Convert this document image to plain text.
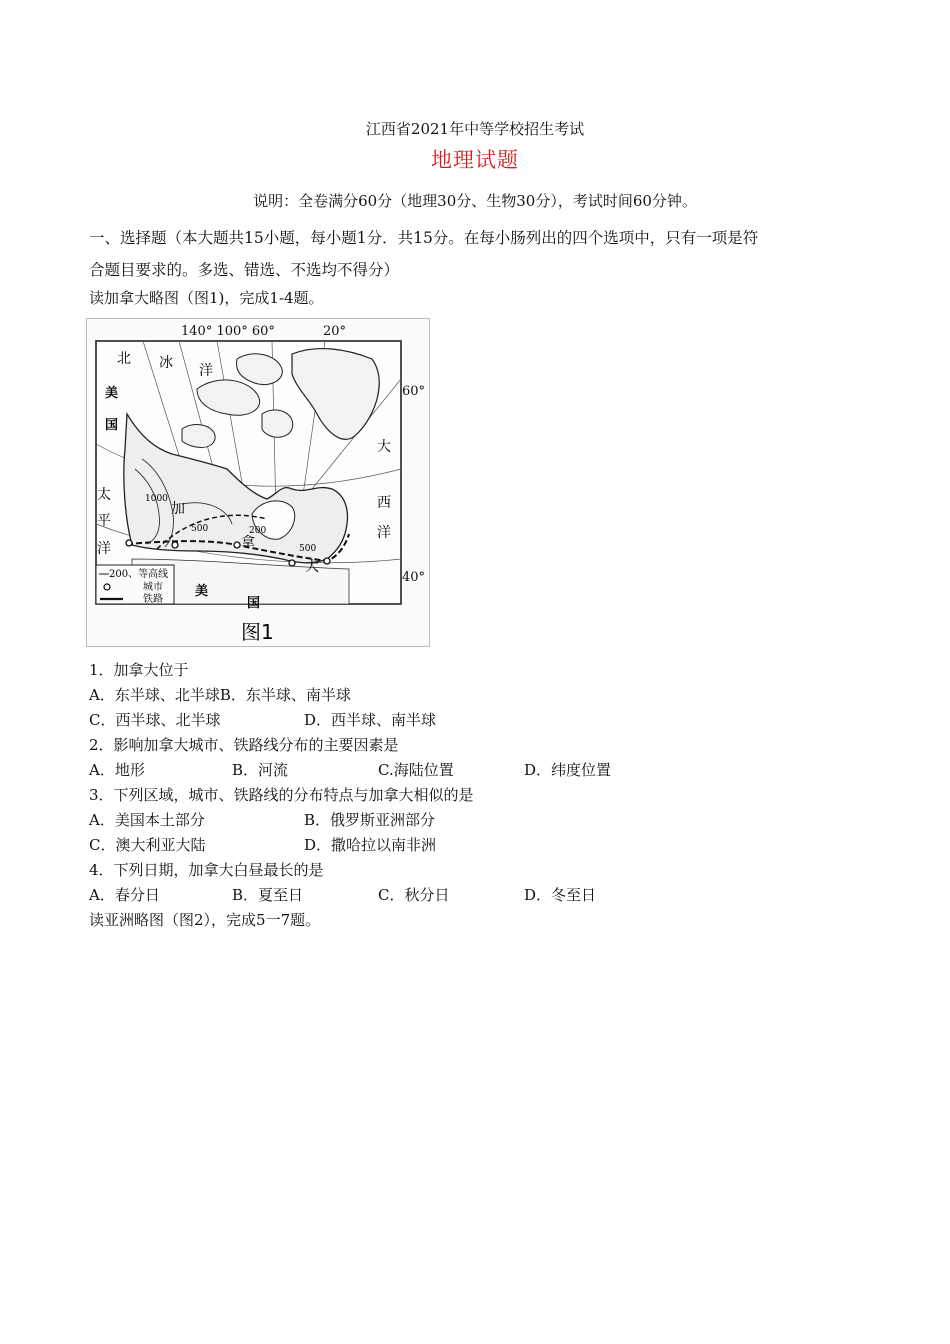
江西省2021年中等学校招生考试
地理试题
说明：全卷满分60分（地理30分、生物30分），考试时间60分钟。
一、选择题（本大题共15小题，每小题1分．共15分。在每小肠列出的四个选项中，只有一项是符
合题目要求的。多选、错选、不选均不得分）
读加拿大略图（图1)，完成1-4题。
140° 100° 60°	20°
60°
40°
北 冰 洋
大
西
洋
太
平
洋
美
国
美
国
加
拿
大
1000
500	200
500
200、等高线
城市
铁路
图1
1．加拿大位于
A．东半球、北半球B．东半球、南半球
C．西半球、北半球	D．西半球、南半球
2．影响加拿大城市、铁路线分布的主要因素是
A．地形	B．河流	C.海陆位置	D．纬度位置
3．下列区域，城市、铁路线的分布特点与加拿大相似的是
A．美国本土部分	B．俄罗斯亚洲部分
C．澳大利亚大陆	D．撒哈拉以南非洲
4．下列日期，加拿大白昼最长的是
A．春分日	B．夏至日	C．秋分日	D．冬至日
读亚洲略图（图2），完成5一7题。
